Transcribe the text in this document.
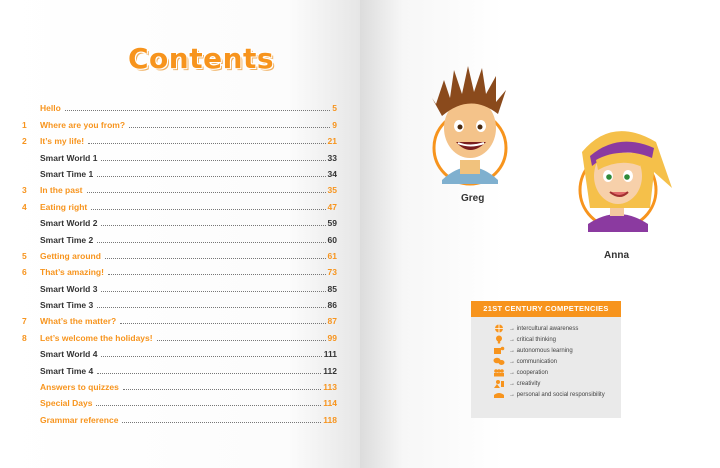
Contents
Hello	5
1	Where are you from?	9
2	It’s my life!	21
Smart World 1	33
Smart Time 1	34
3	In the past	35
4	Eating right	47
Smart World 2	59
Smart Time 2	60
5	Getting around	61
6	That’s amazing!	73
Smart World 3	85
Smart Time 3	86
7	What’s the matter?	87
8	Let’s welcome the holidays!	99
Smart World 4	111
Smart Time 4	112
Answers to quizzes	113
Special Days	114
Grammar reference	118
Greg
Anna
21ST CENTURY COMPETENCIES
→ intercultural awareness
→ critical thinking
→ autonomous learning
→ communication
→ cooperation
→ creativity
→ personal and social responsibility
